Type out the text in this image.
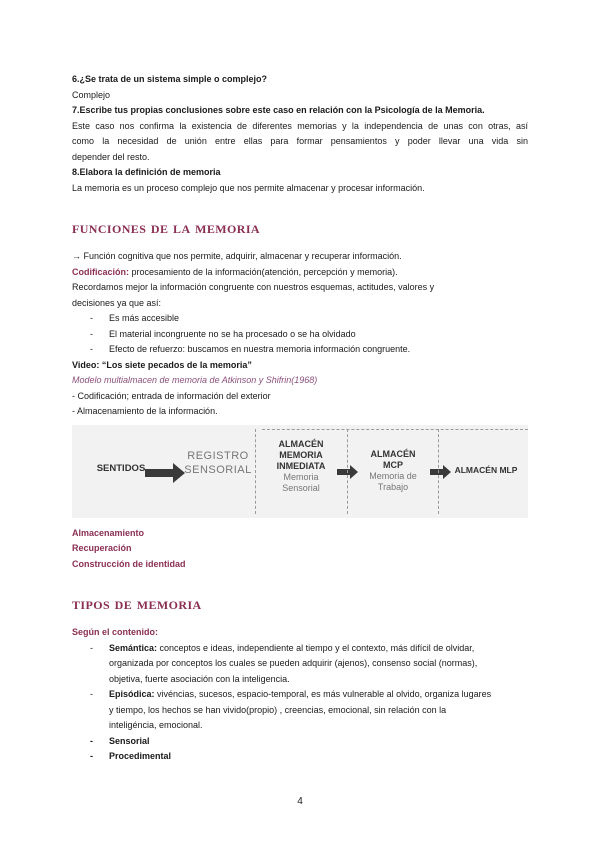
6.¿Se trata de un sistema simple o complejo?

Complejo

7.Escribe tus propias conclusiones sobre este caso en relación con la Psicología de la Memoria.

Este caso nos confirma la existencia de diferentes memorias y la independencia de unas con otras, así

como la necesidad de unión entre ellas para formar pensamientos y poder llevar una vida sin

depender del resto.

8.Elabora la definición de memoria

La memoria es un proceso complejo que nos permite almacenar y procesar información.

funciones de la memoria

→ Función cognitiva que nos permite, adquirir, almacenar y recuperar información.

Codificación: procesamiento de la información(atención, percepción y memoria).

Recordamos mejor la información congruente con nuestros esquemas, actitudes, valores y

decisiones ya que así:

- Es más accesible
- El material incongruente no se ha procesado o se ha olvidado
- Efecto de refuerzo: buscamos en nuestra memoria información congruente.

Video: “Los siete pecados de la memoria”

Modelo multialmacen de memoria de Atkinson y Shifrin(1968)

- Codificación; entrada de información del exterior

- Almacenamiento de la información.

SENTIDOS
REGISTRO
SENSORIAL
ALMACÉN
MEMORIA
INMEDIATA
Memoria
Sensorial
ALMACÉN
MCP
Memoria de
Trabajo
ALMACÉN MLP

Almacenamiento

Recuperación

Construcción de identidad

tipos de memoria

Según el contenido:

- Semántica: conceptos e ideas, independiente al tiempo y el contexto, más difícil de olvidar,
organizada por conceptos los cuales se pueden adquirir (ajenos), consenso social (normas),
objetiva, fuerte asociación con la inteligencia.
- Episódica: vivéncias, sucesos, espacio-temporal, es más vulnerable al olvido, organiza lugares
y tiempo, los hechos se han vivido(propio) , creencias, emocional, sin relación con la
inteligéncia, emocional.
- Sensorial
- Procedimental
4
